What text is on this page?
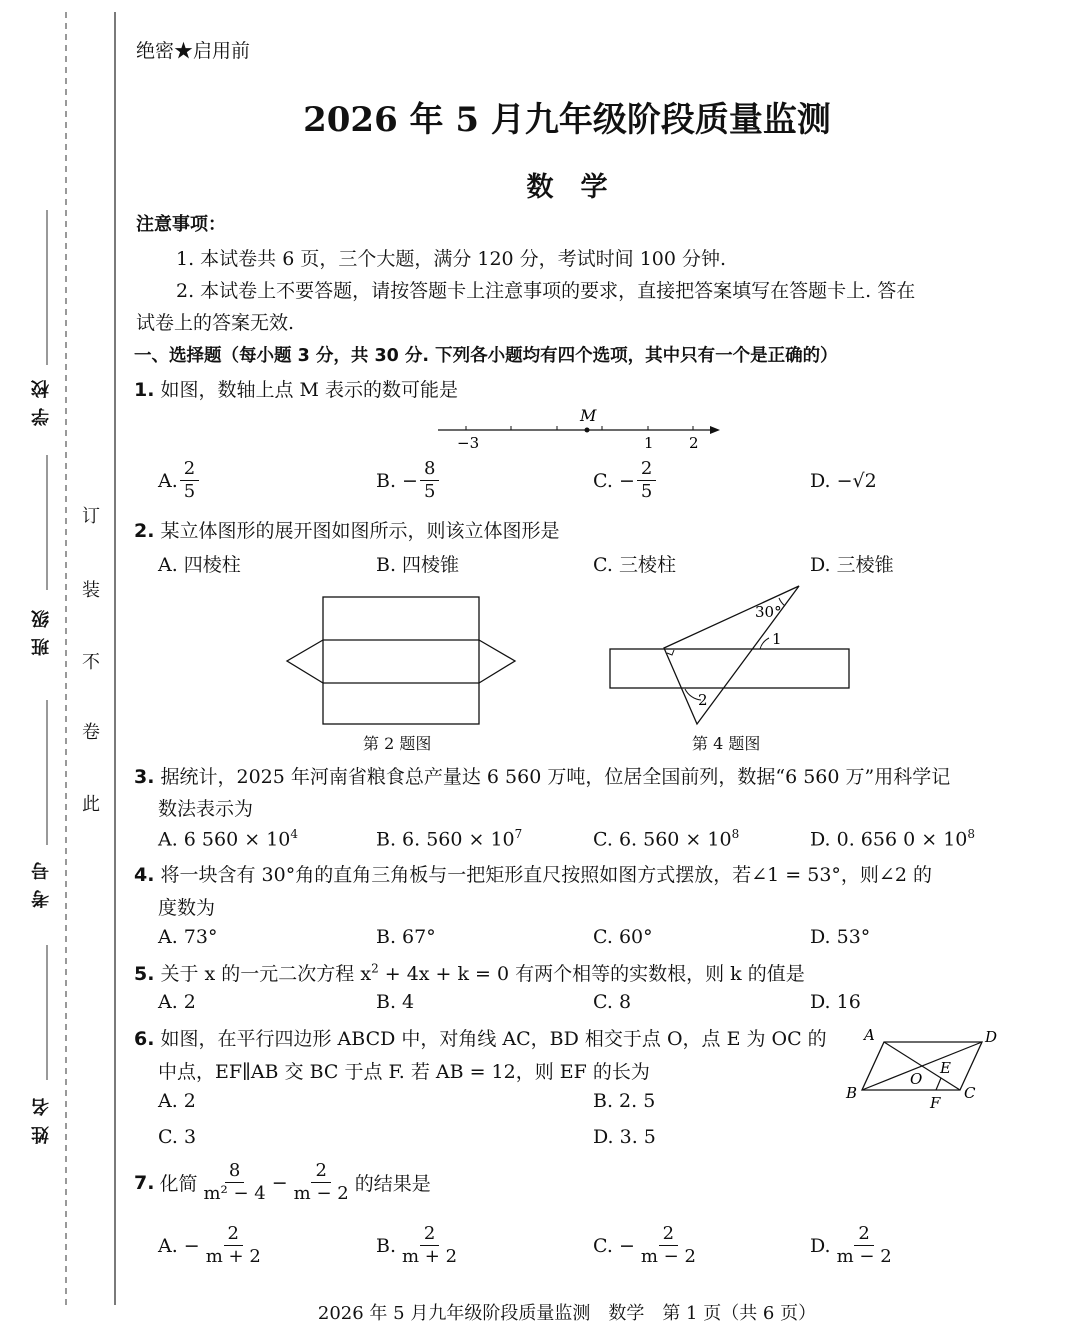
学校
班级
考号
姓名
订
装
不
卷
此
绝密★启用前
2026 年 5 月九年级阶段质量监测
数　学
注意事项：
1. 本试卷共 6 页，三个大题，满分 120 分，考试时间 100 分钟.
2. 本试卷上不要答题，请按答题卡上注意事项的要求，直接把答案填写在答题卡上. 答在
试卷上的答案无效.
一、选择题（每小题 3 分，共 30 分. 下列各小题均有四个选项，其中只有一个是正确的）
1. 如图，数轴上点 M 表示的数可能是
M
−3	1 2
A. $\frac{2}{5}$	B. − $\frac{8}{5}$	C. − $\frac{2}{5}$	D. −√2
2. 某立体图形的展开图如图所示，则该立体图形是
A. 四棱柱	B. 四棱锥	C. 三棱柱	D. 三棱锥
第 2 题图
30°
1
2
第 4 题图
3. 据统计，2025 年河南省粮食总产量达 6 560 万吨，位居全国前列，数据“6 560 万”用科学记
数法表示为
A. 6 $560 \times 10^4$	B. 6. $560 \times 10^7$	C. 6. $560 \times 10^8$	D. 0. 656 $0 \times 10^8$
4. 将一块含有 30°角的直角三角板与一把矩形直尺按照如图方式摆放，若∠1 = 53°，则∠2 的
度数为
A. 73°	B. 67°	C. 60°	D. 53°
5. 关于 x 的一元二次方程 $x^2 + 4x + k = 0$ 有两个相等的实数根，则 k 的值是
A. 2	B. 4	C. 8	D. 16
6. 如图，在平行四边形 ABCD 中，对角线 AC，BD 相交于点 O，点 E 为 OC 的
中点，EF∥AB 交 BC 于点 F. 若 AB = 12，则 EF 的长为
A. 2	B. 2. 5
C. 3	D. 3. 5
A	D
B	C
O
E
F
7. 化简 $\frac{8}{\text{m² − 4}} - \frac{2}{m - 2}$ 的结果是
A. − $\frac{2}{m + 2}$	B. $\frac{2}{m + 2}$	C. − $\frac{2}{m - 2}$	D. $\frac{2}{m - 2}$
2026 年 5 月九年级阶段质量监测　数学　第 1 页（共 6 页）
